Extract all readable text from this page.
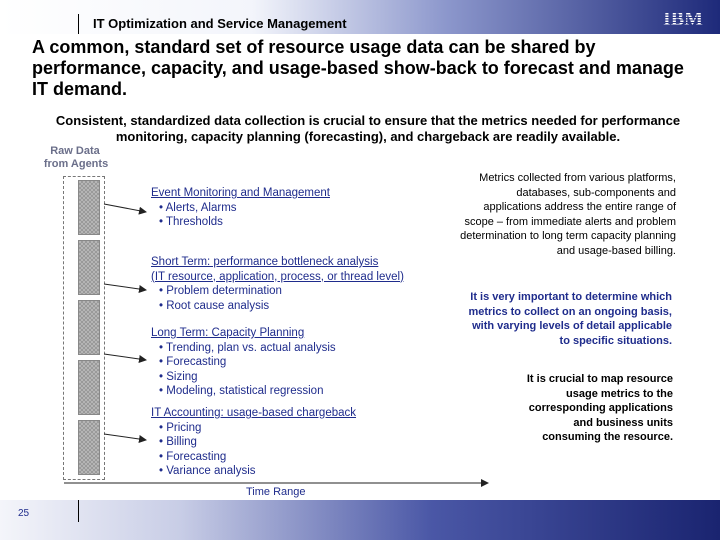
IT Optimization and Service Management	IBM
A common, standard set of resource usage data can be shared by performance, capacity, and usage-based show-back to forecast and manage IT demand.
Consistent, standardized data collection is crucial to ensure that the metrics needed for performance monitoring, capacity planning (forecasting), and chargeback are readily available.
Raw Data
from Agents
Event Monitoring and Management
• Alerts, Alarms
• Thresholds
Short Term: performance bottleneck analysis
(IT resource, application, process, or thread level)
• Problem determination
• Root cause analysis
Long Term: Capacity Planning
• Trending, plan vs. actual analysis
• Forecasting
• Sizing
• Modeling, statistical regression
IT Accounting: usage-based chargeback
• Pricing
• Billing
• Forecasting
• Variance analysis
Metrics collected from various platforms,
databases, sub-components and
applications address the entire range of
scope – from immediate alerts and problem
determination to long term capacity planning
and usage-based billing.
It is very important to determine which
metrics to collect on an ongoing basis,
with varying levels of detail applicable
to specific situations.
It is crucial to map resource
usage metrics to the
corresponding applications
and business units
consuming the resource.
Time Range
25
